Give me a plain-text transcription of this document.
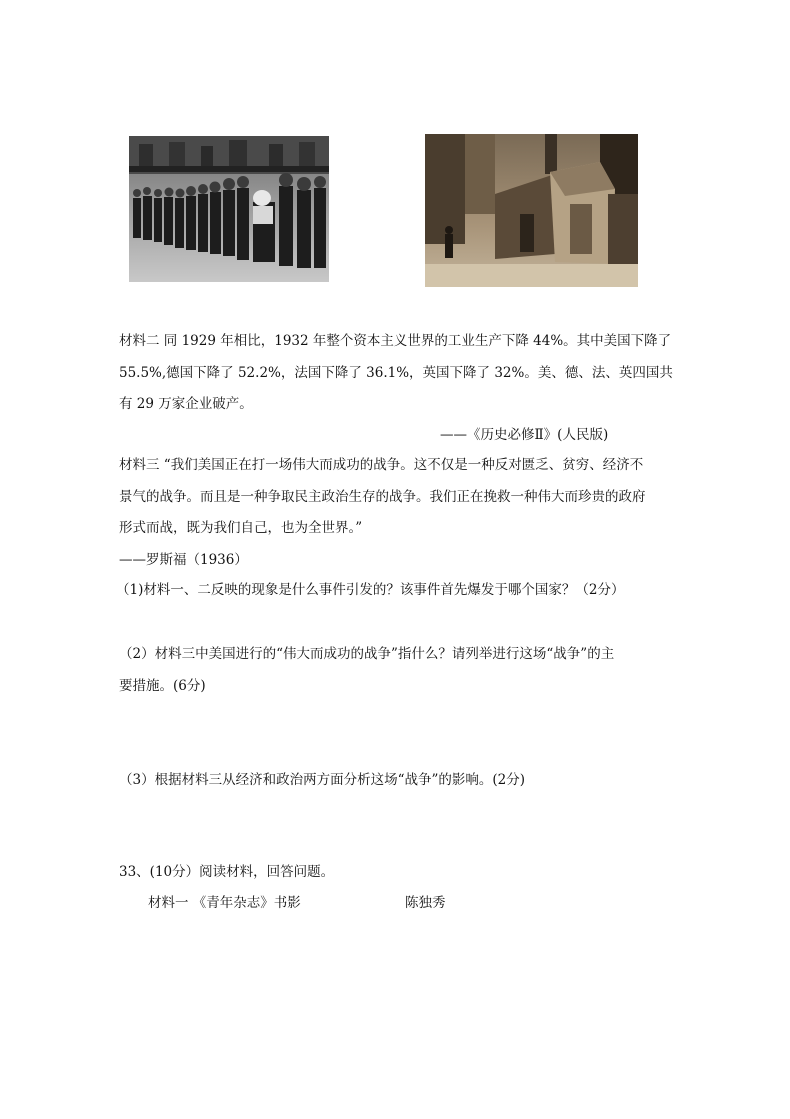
材料二 同 1929 年相比，1932 年整个资本主义世界的工业生产下降 44%。其中美国下降了
55.5%,德国下降了 52.2%，法国下降了 36.1%，英国下降了 32%。美、德、法、英四国共
有 29 万家企业破产。
——《历史必修Ⅱ》(人民版)
材料三 “我们美国正在打一场伟大而成功的战争。这不仅是一种反对匮乏、贫穷、经济不
景气的战争。而且是一种争取民主政治生存的战争。我们正在挽救一种伟大而珍贵的政府
形式而战，既为我们自己，也为全世界。”
——罗斯福（1936）
（1)材料一、二反映的现象是什么事件引发的？该事件首先爆发于哪个国家？（2分）
（2）材料三中美国进行的“伟大而成功的战争”指什么？请列举进行这场“战争”的主
要措施。(6分)
（3）根据材料三从经济和政治两方面分析这场“战争”的影响。(2分)
33、(10分）阅读材料，回答问题。
材料一 《青年杂志》书影	陈独秀
